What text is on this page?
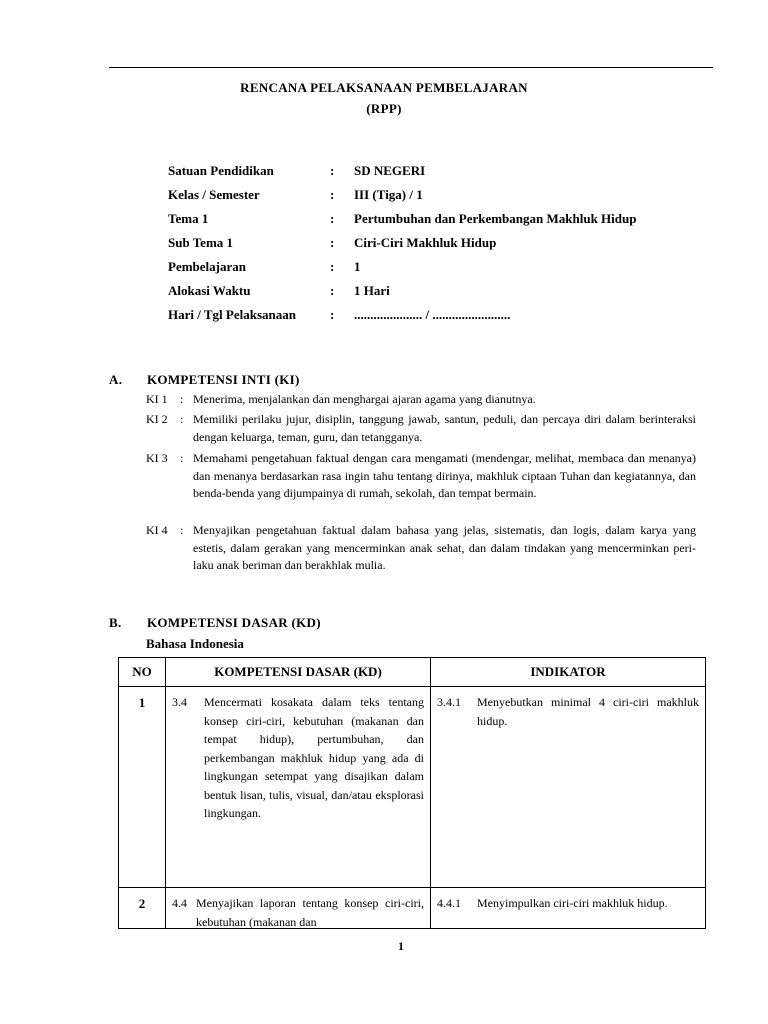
RENCANA PELAKSANAAN PEMBELAJARAN
(RPP)
Satuan Pendidikan	: SD NEGERI
Kelas / Semester	: III (Tiga) / 1
Tema 1	: Pertumbuhan dan Perkembangan Makhluk Hidup
Sub Tema 1	: Ciri-Ciri Makhluk Hidup
Pembelajaran	: 1
Alokasi Waktu	: 1 Hari
Hari / Tgl Pelaksanaan	: ..................... / ........................
A. KOMPETENSI INTI (KI)
KI 1 : Menerima, menjalankan dan menghargai ajaran agama yang dianutnya.
KI 2 : Memiliki perilaku jujur, disiplin, tanggung jawab, santun, peduli, dan percaya diri dalam berinteraksi dengan keluarga, teman, guru, dan tetangganya.
KI 3 : Memahami pengetahuan faktual dengan cara mengamati (mendengar, melihat, membaca dan menanya) dan menanya berdasarkan rasa ingin tahu tentang dirinya, makhluk ciptaan Tuhan dan kegiatannya, dan benda-benda yang dijumpainya di rumah, sekolah, dan tempat bermain.
KI 4 : Menyajikan pengetahuan faktual dalam bahasa yang jelas, sistematis, dan logis, dalam karya yang estetis, dalam gerakan yang mencerminkan anak sehat, dan dalam tindakan yang mencerminkan peri-laku anak beriman dan berakhlak mulia.
B. KOMPETENSI DASAR (KD)
Bahasa Indonesia
NO	KOMPETENSI DASAR (KD)	INDIKATOR
1	3.4 Mencermati kosakata dalam teks tentang konsep ciri-ciri, kebutuhan (makanan dan tempat hidup), pertumbuhan, dan perkembangan makhluk hidup yang ada di lingkungan setempat yang disajikan dalam bentuk lisan, tulis, visual, dan/atau eksplorasi lingkungan.	3.4.1 Menyebutkan minimal 4 ciri-ciri makhluk hidup.

2	4.4 Menyajikan laporan tentang konsep ciri-ciri, kebutuhan (makanan dan	4.4.1 Menyimpulkan ciri-ciri makhluk hidup.
1
